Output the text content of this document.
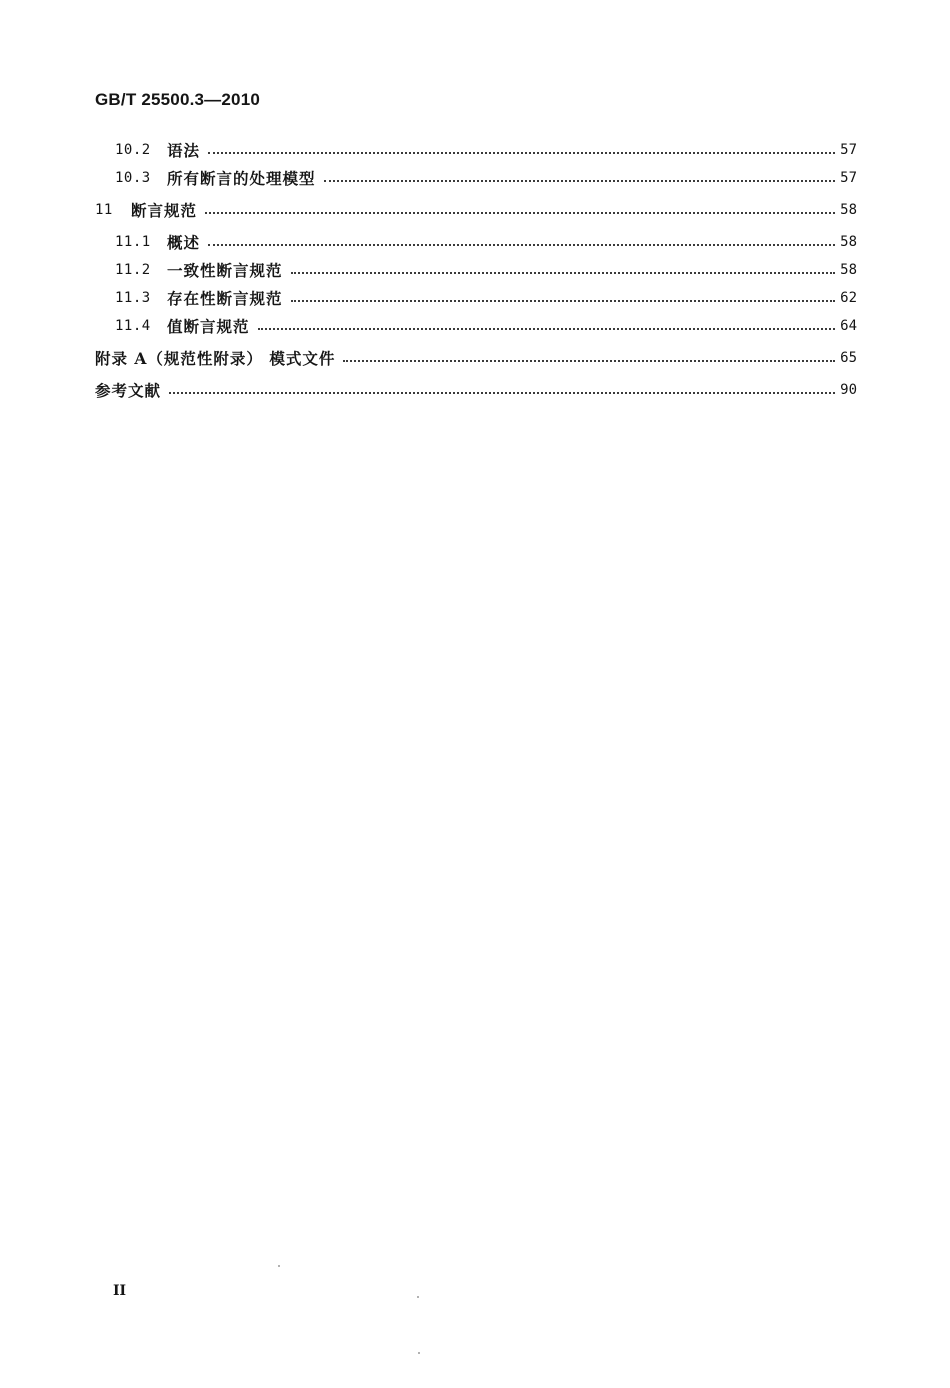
GB/T 25500.3—2010
10.2	语法	57
10.3	所有断言的处理模型	57
11	断言规范	58
11.1	概述	58
11.2	一致性断言规范	58
11.3	存在性断言规范	62
11.4	值断言规范	64
附录 A（规范性附录） 模式文件	65
参考文献	90
II
